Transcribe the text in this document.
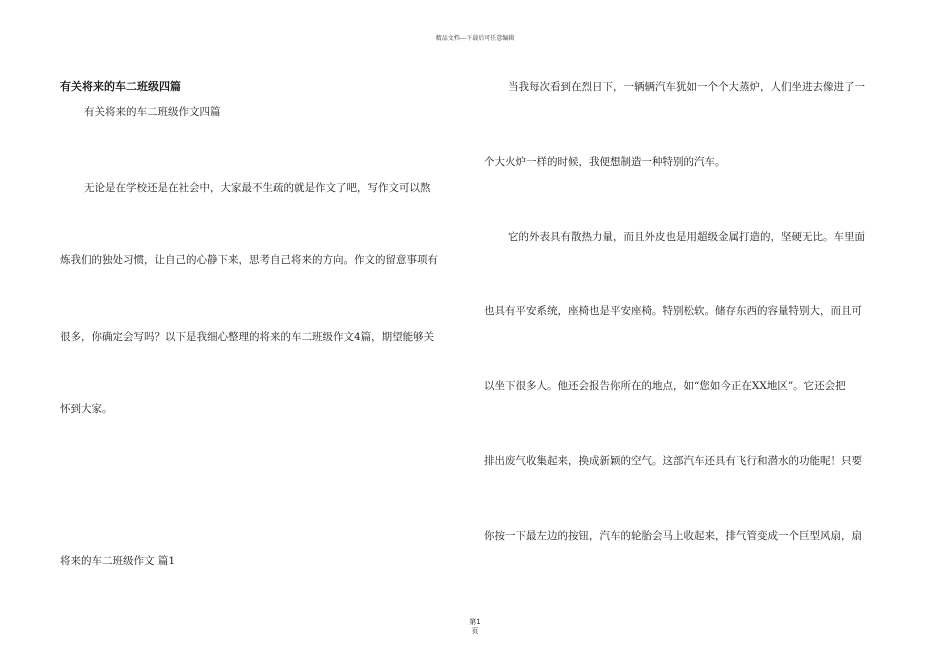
精品文档---下载后可任意编辑
有关将来的车二班级四篇
有关将来的车二班级作文四篇
无论是在学校还是在社会中，大家最不生疏的就是作文了吧，写作文可以熬
炼我们的独处习惯，让自己的心静下来，思考自己将来的方向。作文的留意事项有
很多，你确定会写吗？以下是我细心整理的将来的车二班级作文4篇，期望能够关
怀到大家。
将来的车二班级作文 篇1
当我每次看到在烈日下，一辆辆汽车犹如一个个大蒸炉，人们坐进去像进了一
个大火炉一样的时候，我便想制造一种特别的汽车。
它的外表具有散热力量，而且外皮也是用超级金属打造的，坚硬无比。车里面
也具有平安系统，座椅也是平安座椅。特别松软。储存东西的容量特别大，而且可
以坐下很多人。他还会报告你所在的地点，如“您如今正在XX地区”。它还会把
排出废气收集起来，换成新颖的空气。这部汽车还具有飞行和潜水的功能呢！只要
你按一下最左边的按钮，汽车的轮胎会马上收起来，排气管变成一个巨型风扇，扇
第1
页
